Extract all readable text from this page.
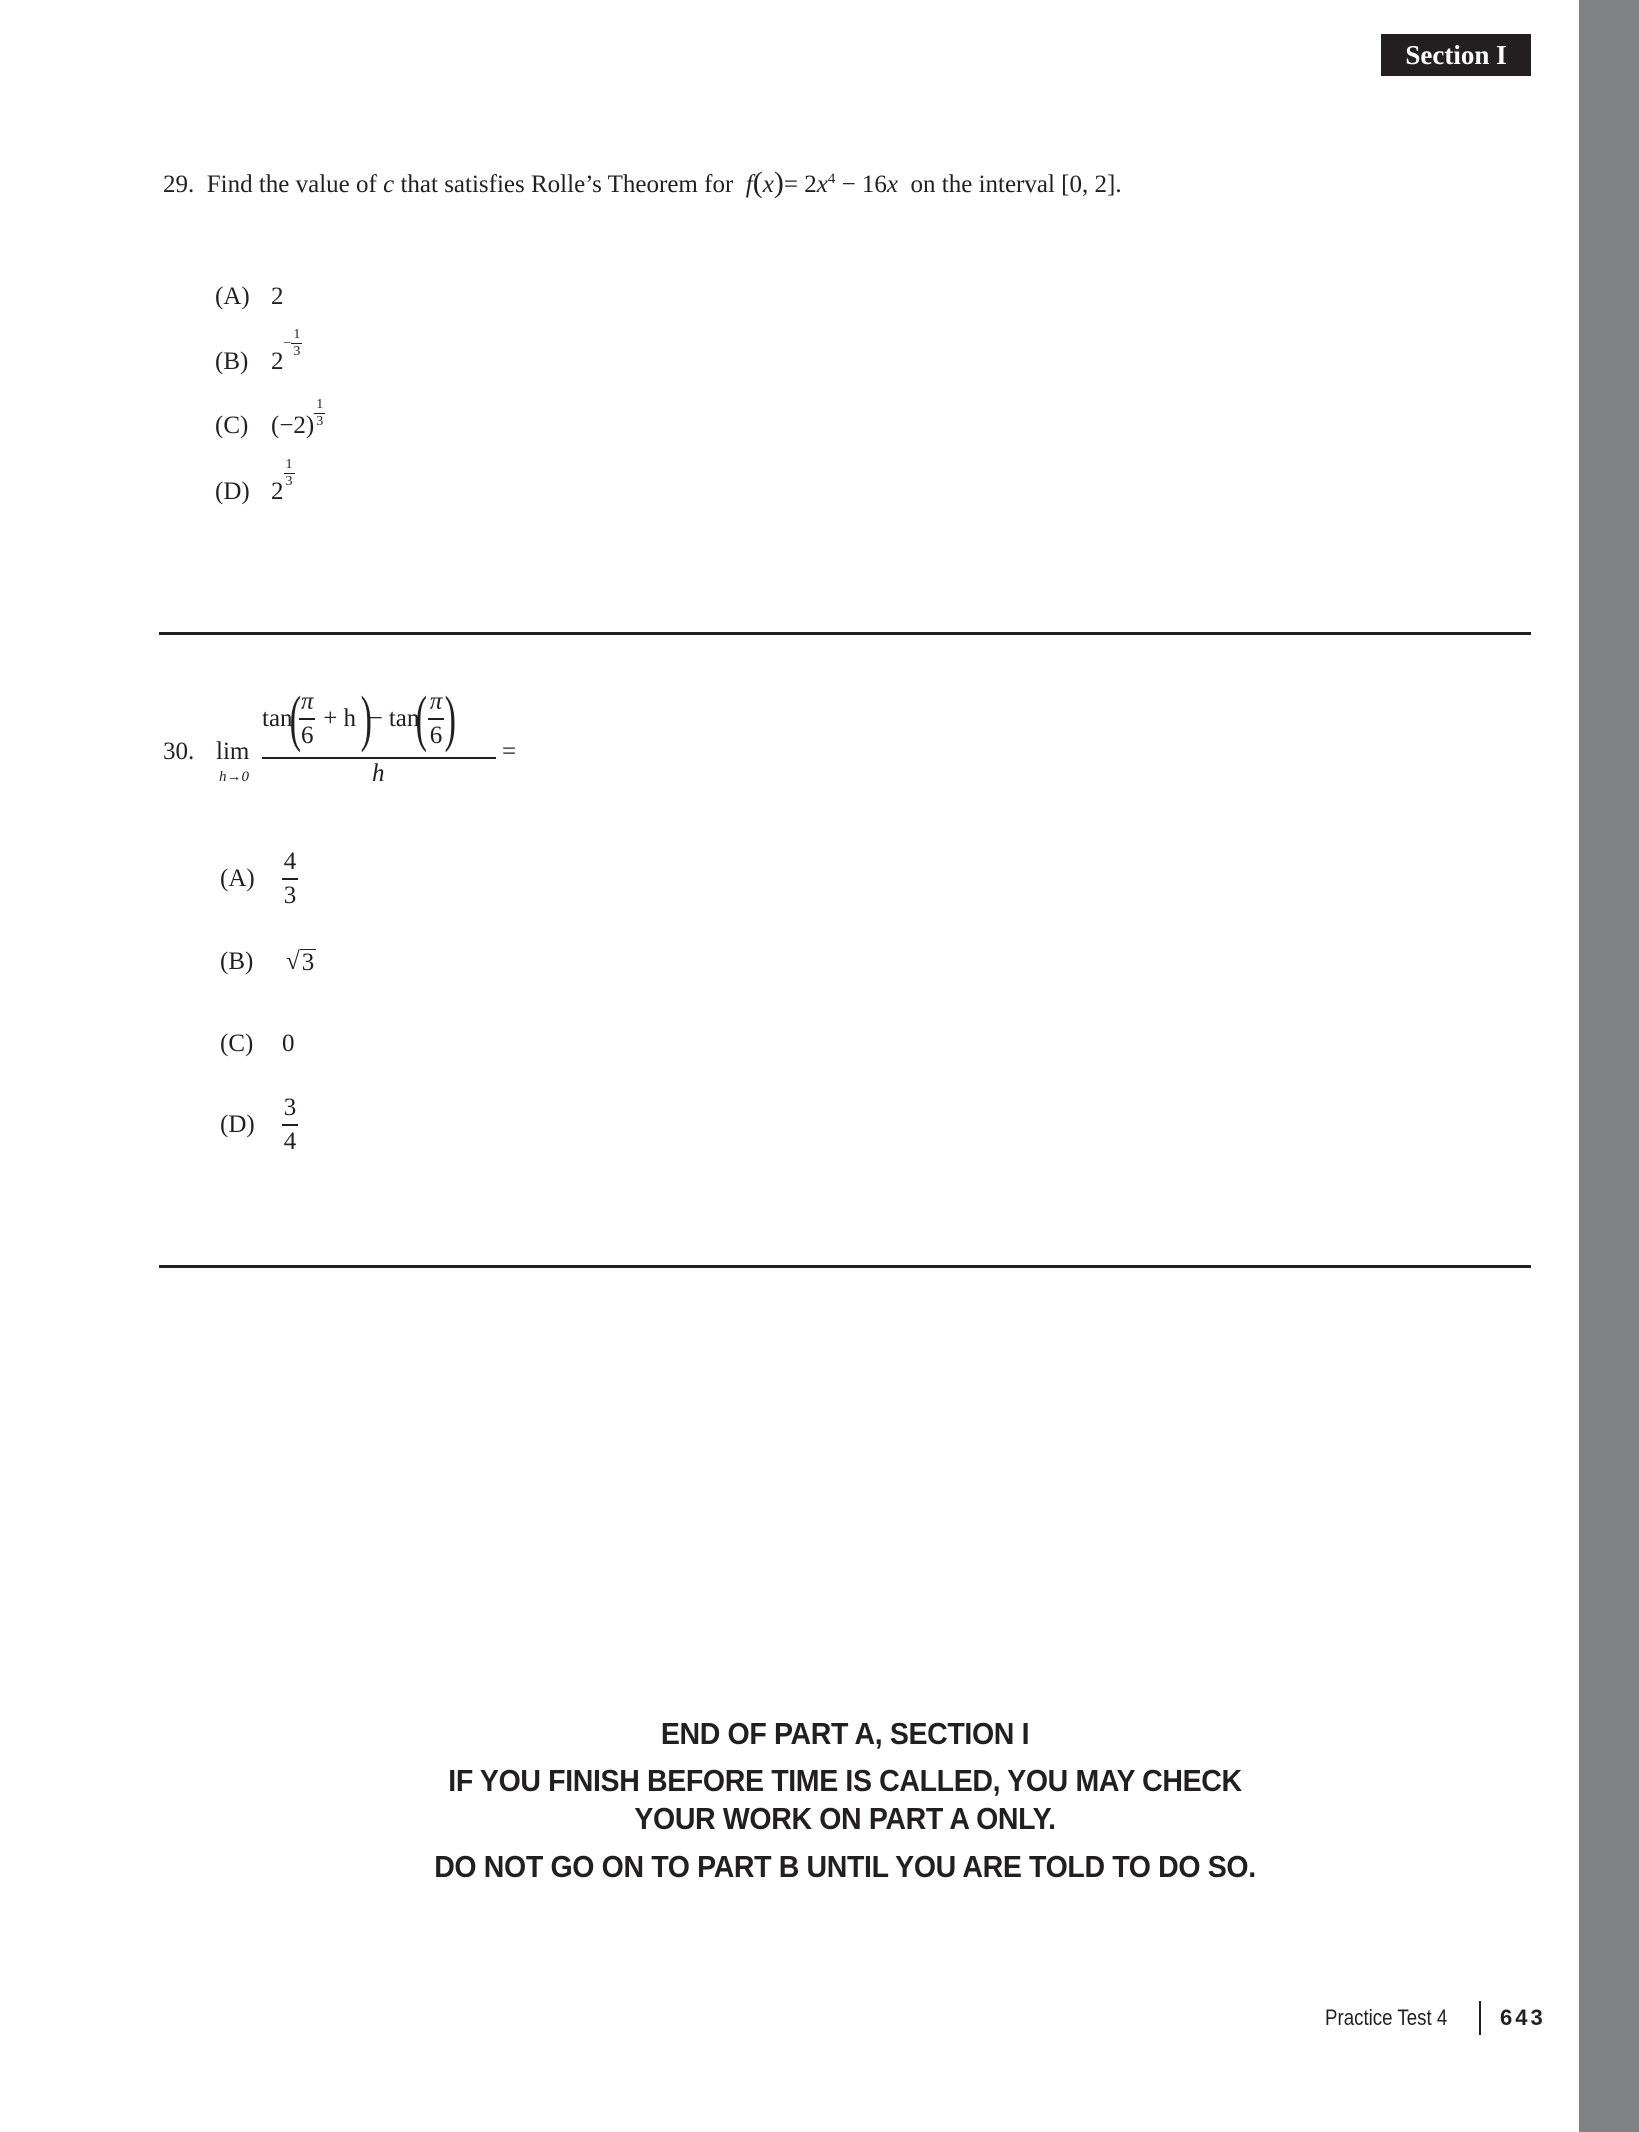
Section I
29. Find the value of c that satisfies Rolle’s Theorem for  $f(x)= 2x^4 - 16x$  on the interval [0, 2].
(A) 2
(B) $2^- \frac{1}{3}$
(C) $(-2) \frac{1}{3}$
(D) 2
$\frac{1}{3}$
30. lim
h→0
tan
(
$\frac{\pi}{6} + h$ )
− tan
( $\frac{\pi}{6}$ )
h
=
(A)	$\frac{4}{3}$
(B)	√ 3
(C) 0
(D)	$\frac{3}{4}$
END OF PART A, SECTION I
IF YOU FINISH BEFORE TIME IS CALLED, YOU MAY CHECK
YOUR WORK ON PART A ONLY.
DO NOT GO ON TO PART B UNTIL YOU ARE TOLD TO DO SO.
Practice Test 4 643
